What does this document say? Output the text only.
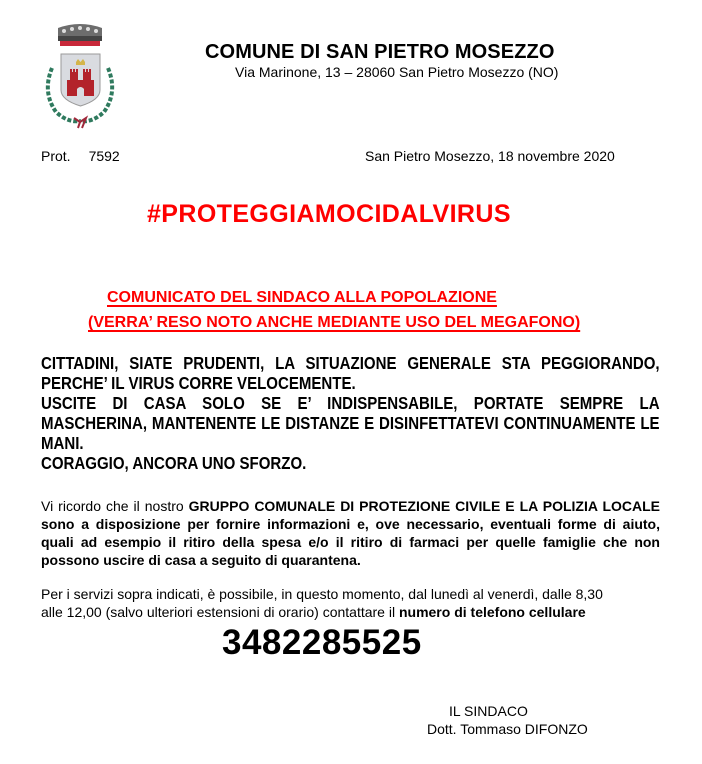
COMUNE DI SAN PIETRO MOSEZZO
Via Marinone, 13 – 28060 San Pietro Mosezzo (NO)
Prot. 7592	San Pietro Mosezzo, 18 novembre 2020
#PROTEGGIAMOCIDALVIRUS
COMUNICATO DEL SINDACO ALLA POPOLAZIONE
(VERRA’ RESO NOTO ANCHE MEDIANTE USO DEL MEGAFONO)

CITTADINI, SIATE PRUDENTI, LA SITUAZIONE GENERALE STA PEGGIORANDO, PERCHE’ IL VIRUS CORRE VELOCEMENTE.

USCITE DI CASA SOLO SE E’ INDISPENSABILE, PORTATE SEMPRE LA MASCHERINA, MANTENENTE LE DISTANZE E DISINFETTATEVI CONTINUAMENTE LE MANI.

CORAGGIO, ANCORA UNO SFORZO.

Vi ricordo che il nostro GRUPPO COMUNALE DI PROTEZIONE CIVILE E LA POLIZIA LOCALE sono a disposizione per fornire informazioni e, ove necessario, eventuali forme di aiuto, quali ad esempio il ritiro della spesa e/o il ritiro di farmaci per quelle famiglie che non possono uscire di casa a seguito di quarantena.

Per i servizi sopra indicati, è possibile, in questo momento, dal lunedì al venerdì, dalle 8,30
alle 12,00 (salvo ulteriori estensioni di orario) contattare il numero di telefono cellulare
3482285525
IL SINDACO
Dott. Tommaso DIFONZO
